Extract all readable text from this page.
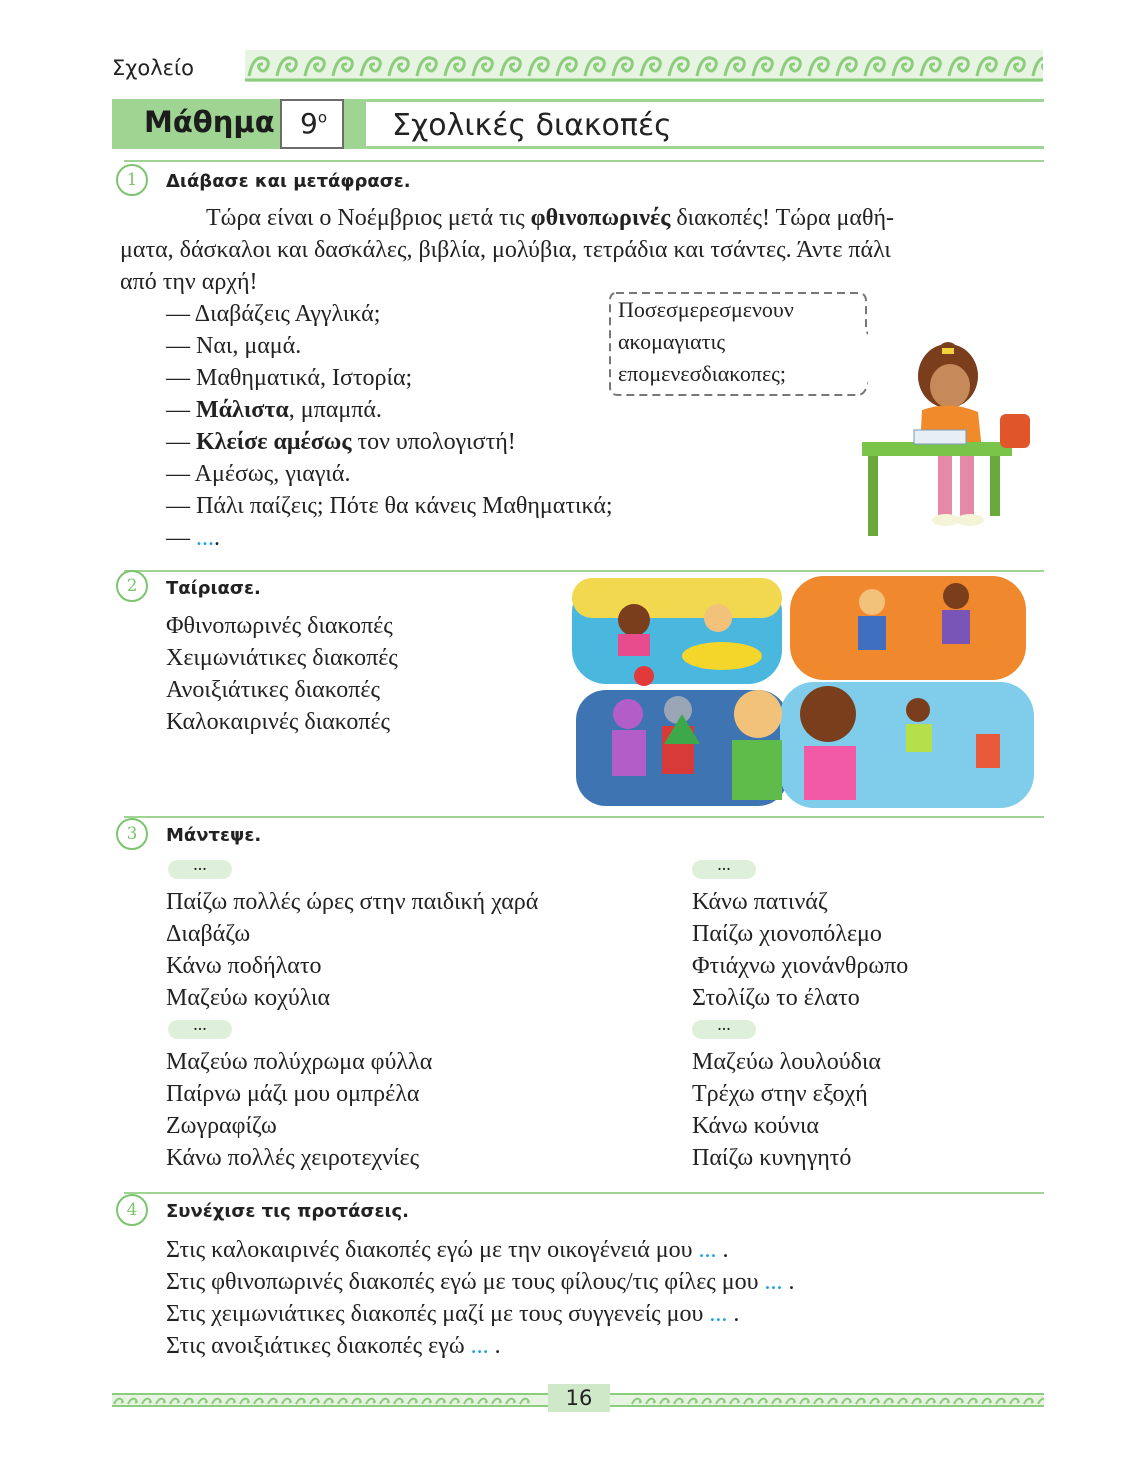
Σχολείο
Μάθημα $9^o$ Σχολικές διακοπές
1	Διάβασε και μετάφρασε.
Τώρα είναι ο Νοέμβριος μετά τις φθινοπωρινές διακοπές! Τώρα μαθή-
ματα, δάσκαλοι και δασκάλες, βιβλία, μολύβια, τετράδια και τσάντες. Άντε πάλι
από την αρχή!
— Διαβάζεις Αγγλικά;
— Ναι, μαμά.
— Μαθηματικά, Ιστορία;
— Μάλιστα, μπαμπά.
— Κλείσε αμέσως τον υπολογιστή!
— Αμέσως, γιαγιά.
— Πάλι παίζεις; Πότε θα κάνεις Μαθηματικά;
— ....
Ποσεσμερεσμενουν
ακομαγιατις
επομενεσδιακοπες;
2	Ταίριασε.
Φθινοπωρινές διακοπές
Χειμωνιάτικες διακοπές
Ανοιξιάτικες διακοπές
Καλοκαιρινές διακοπές
3	Μάντεψε.
...
Παίζω πολλές ώρες στην παιδική χαρά
Διαβάζω
Κάνω ποδήλατο
Μαζεύω κοχύλια
...
Μαζεύω πολύχρωμα φύλλα
Παίρνω μάζι μου ομπρέλα
Ζωγραφίζω
Κάνω πολλές χειροτεχνίες
...
Κάνω πατινάζ
Παίζω χιονοπόλεμο
Φτιάχνω χιονάνθρωπο
Στολίζω το έλατο
...
Μαζεύω λουλούδια
Τρέχω στην εξοχή
Κάνω κούνια
Παίζω κυνηγητό
4	Συνέχισε τις προτάσεις.
Στις καλοκαιρινές διακοπές εγώ με την οικογένειά μου ... .
Στις φθινοπωρινές διακοπές εγώ με τους φίλους/τις φίλες μου ... .
Στις χειμωνιάτικες διακοπές μαζί με τους συγγενείς μου ... .
Στις ανοιξιάτικες διακοπές εγώ ... .
16
